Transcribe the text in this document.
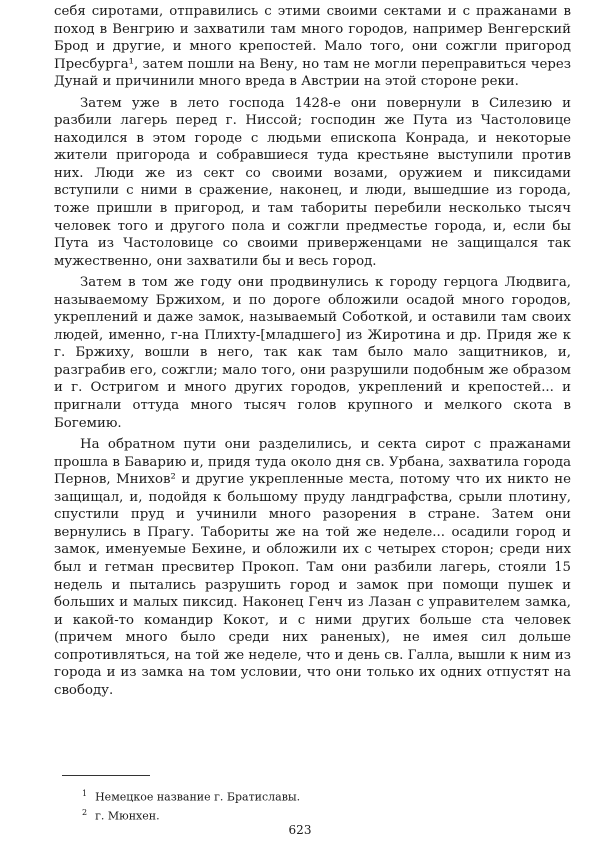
себя сиротами, отправились с этими своими сектами и с пражанами в поход в Венгрию и захватили там много городов, например Венгерский Брод и другие, и много крепостей. Мало того, они сожгли пригород Пресбурга¹, затем пошли на Вену, но там не могли переправиться через Дунай и причинили много вреда в Австрии на этой стороне реки.

Затем уже в лето господа 1428-е они повернули в Силезию и разбили лагерь перед г. Ниссой; господин же Пута из Частоловице находился в этом городе с людьми епископа Конрада, и некоторые жители пригорода и собравшиеся туда крестьяне выступили против них. Люди же из сект со своими возами, оружием и пиксидами вступили с ними в сражение, наконец, и люди, вышедшие из города, тоже пришли в пригород, и там табориты перебили несколько тысяч человек того и другого пола и сожгли предместье города, и, если бы Пута из Частоловице со своими приверженцами не защищался так мужественно, они захватили бы и весь город.

Затем в том же году они продвинулись к городу герцога Людвига, называемому Бржихом, и по дороге обложили осадой много городов, укреплений и даже замок, называемый Соботкой, и оставили там своих людей, именно, г-на Плихту-[младшего] из Жиротина и др. Придя же к г. Бржиху, вошли в него, так как там было мало защитников, и, разграбив его, сожгли; мало того, они разрушили подобным же образом и г. Остригом и много других городов, укреплений и крепостей... и пригнали оттуда много тысяч голов крупного и мелкого скота в Богемию.

На обратном пути они разделились, и секта сирот с пражанами прошла в Баварию и, придя туда около дня св. Урбана, захватила города Пернов, Мнихов² и другие укрепленные места, потому что их никто не защищал, и, подойдя к большому пруду ландграфства, срыли плотину, спустили пруд и учинили много разорения в стране. Затем они вернулись в Прагу. Табориты же на той же неделе... осадили город и замок, именуемые Бехине, и обложили их с четырех сторон; среди них был и гетман пресвитер Прокоп. Там они разбили лагерь, стояли 15 недель и пытались разрушить город и замок при помощи пушек и больших и малых пиксид. Наконец Генч из Лазан с управителем замка, и какой-то командир Кокот, и с ними других больше ста человек (причем много было среди них раненых), не имея сил дольше сопротивляться, на той же неделе, что и день св. Галла, вышли к ним из города и из замка на том условии, что они только их одних отпустят на свободу.

$^1$ Немецкое название г. Братиславы.
$^2$ г. Мюнхен.
623
